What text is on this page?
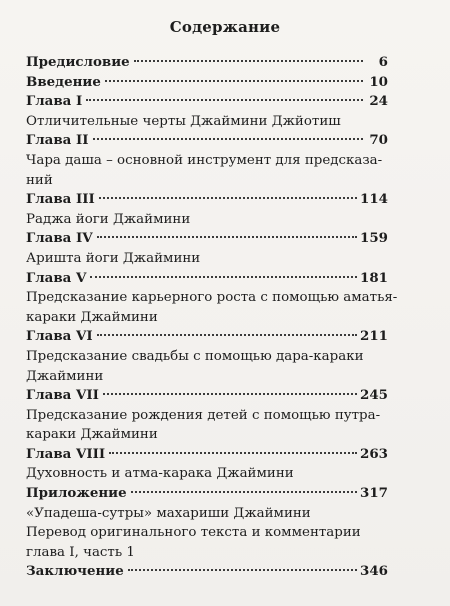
Содержание
Предисловие	6
Введение	10
Глава I	24
Отличительные черты Джаймини Джйотиш
Глава II	70
Чара даша – основной инструмент для предсказа-
ний
Глава III	114
Раджа йоги Джаймини
Глава IV	159
Аришта йоги Джаймини
Глава V	181
Предсказание карьерного роста с помощью аматья-
караки Джаймини
Глава VI	211
Предсказание свадьбы с помощью дара-караки
Джаймини
Глава VII	245
Предсказание рождения детей с помощью путра-
караки Джаймини
Глава VIII	263
Духовность и атма-карака Джаймини
Приложение	317
«Упадеша-сутры» махариши Джаймини
Перевод оригинального текста и комментарии
глава I, часть 1
Заключение	346
